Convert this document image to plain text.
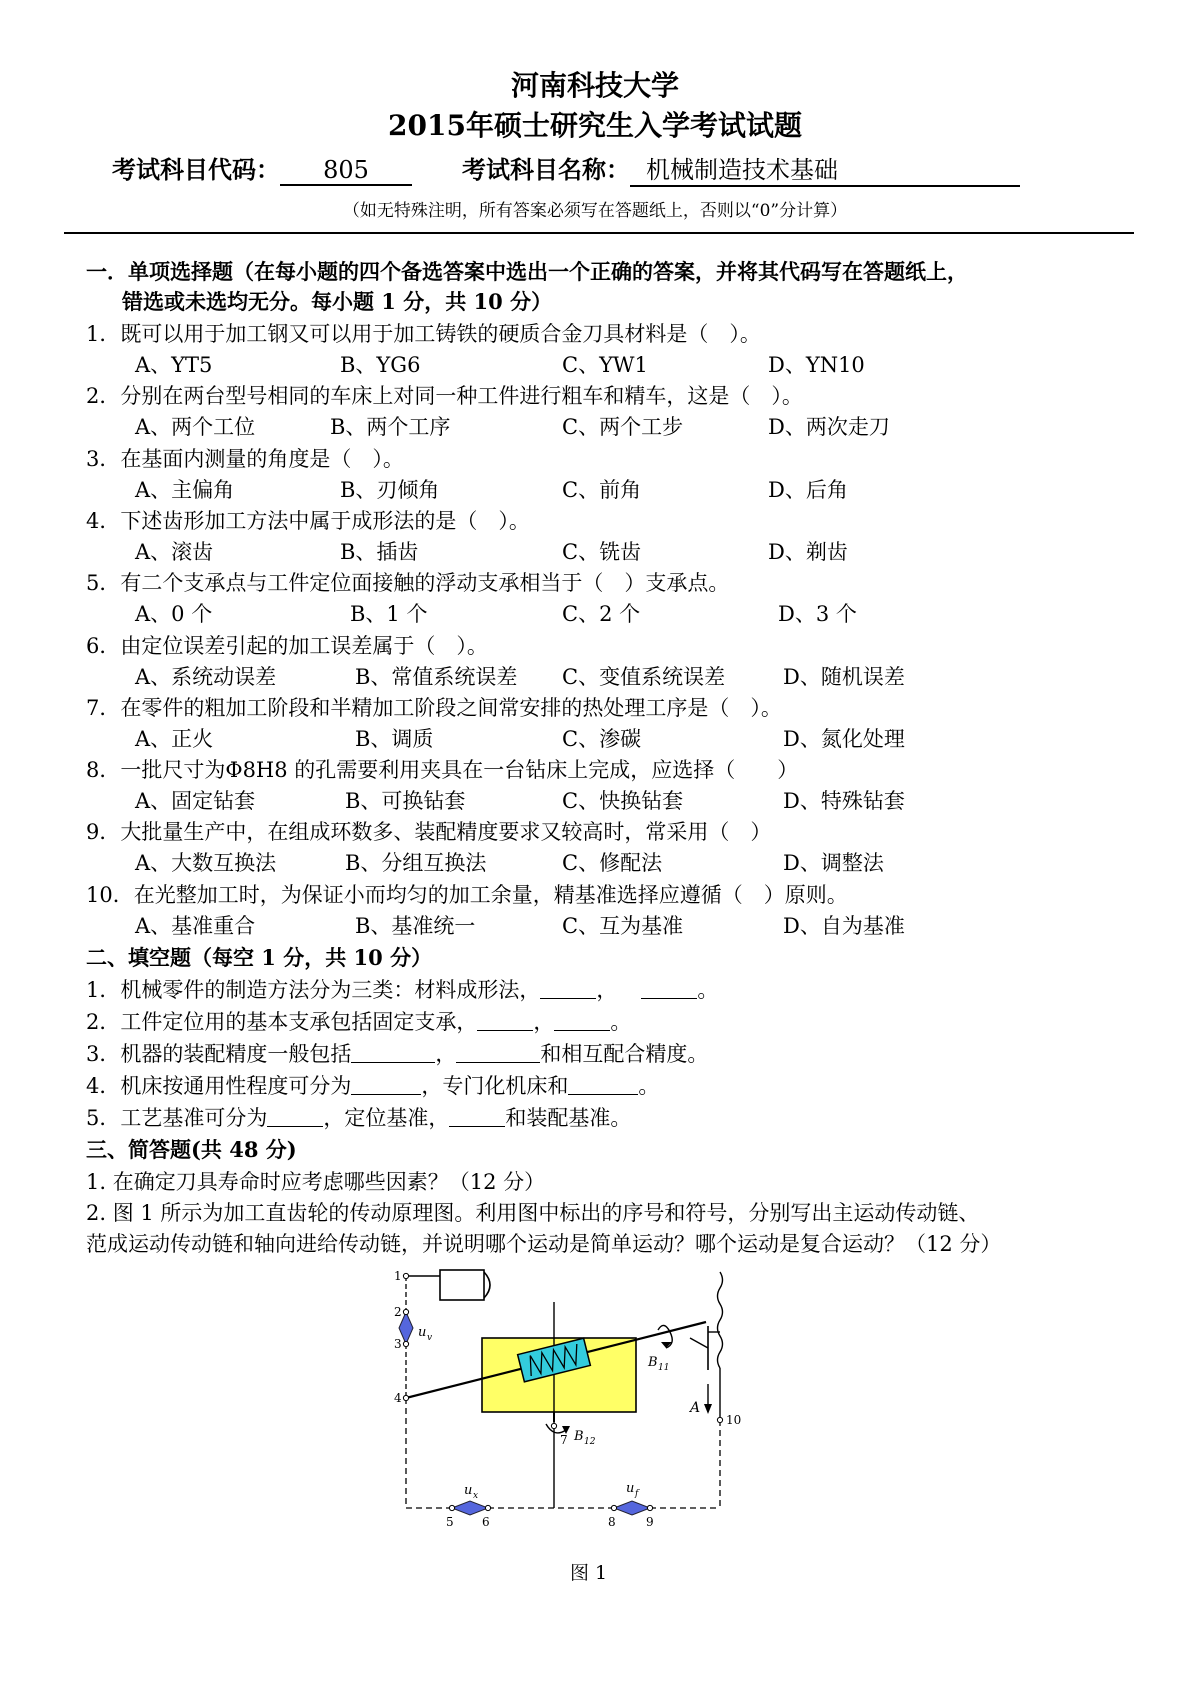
河南科技大学
2015年硕士研究生入学考试试题
考试科目代码： 805	考试科目名称： 机械制造技术基础
（如无特殊注明，所有答案必须写在答题纸上，否则以“0”分计算）
一．单项选择题（在每小题的四个备选答案中选出一个正确的答案，并将其代码写在答题纸上，
错选或未选均无分。每小题 1 分，共 10 分）
1．既可以用于加工钢又可以用于加工铸铁的硬质合金刀具材料是（　）。
A、YT5	B、YG6	C、YW1	D、YN10
2．分别在两台型号相同的车床上对同一种工件进行粗车和精车，这是（　）。
A、两个工位	B、两个工序	C、两个工步	D、两次走刀
3．在基面内测量的角度是（　）。
A、主偏角	B、刃倾角	C、前角	D、后角
4．下述齿形加工方法中属于成形法的是（　）。
A、滚齿	B、插齿	C、铣齿	D、剃齿
5．有二个支承点与工件定位面接触的浮动支承相当于（　）支承点。
A、0 个	B、1 个	C、2 个	D、3 个
6．由定位误差引起的加工误差属于（　）。
A、系统动误差	B、常值系统误差 C、变值系统误差	D、随机误差
7．在零件的粗加工阶段和半精加工阶段之间常安排的热处理工序是（　）。
A、正火	B、调质	C、渗碳	D、氮化处理
8．一批尺寸为Φ8H8 的孔需要利用夹具在一台钻床上完成，应选择（　　）
A、固定钻套	B、可换钻套	C、快换钻套	D、特殊钻套
9．大批量生产中，在组成环数多、装配精度要求又较高时，常采用（　）
A、大数互换法	B、分组互换法	C、修配法	D、调整法
10．在光整加工时，为保证小而均匀的加工余量，精基准选择应遵循（　）原则。
A、基准重合	B、基准统一	C、互为基准	D、自为基准
二、填空题（每空 1 分，共 10 分）
1．机械零件的制造方法分为三类：材料成形法，	，	。
2．工件定位用的基本支承包括固定支承，	，	。
3．机器的装配精度一般包括	，	和相互配合精度。
4．机床按通用性程度可分为	，专门化机床和	。
5．工艺基准可分为	，定位基准，	和装配基准。
三、简答题(共 48 分)
1. 在确定刀具寿命时应考虑哪些因素？（12 分）
2. 图 1 所示为加工直齿轮的传动原理图。利用图中标出的序号和符号，分别写出主运动传动链、
范成运动传动链和轴向进给传动链，并说明哪个运动是简单运动？哪个运动是复合运动？（12 分）
1
2
3
4
5 6
7
8	9
10
u v
u x	u f
B 11
B 12
A
图 1
